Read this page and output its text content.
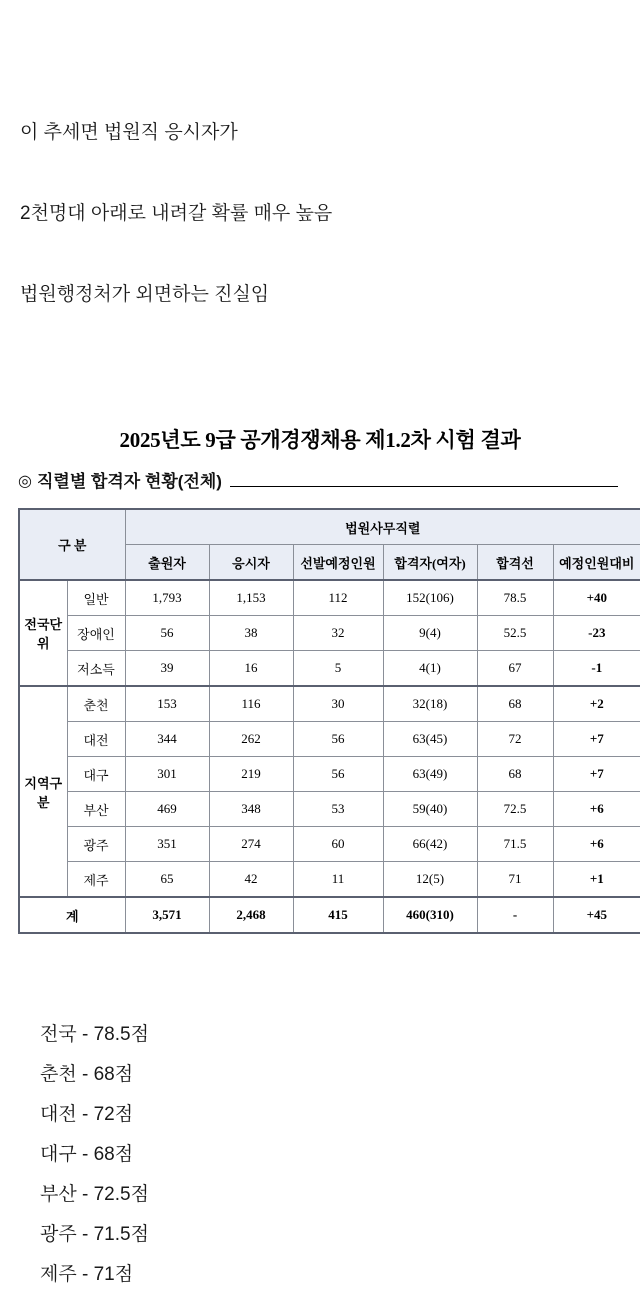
이 추세면 법원직 응시자가
2천명대 아래로 내려갈 확률 매우 높음
법원행정처가 외면하는 진실임
2025년도 9급 공개경쟁채용 제1.2차 시험 결과
◎ 직렬별 합격자 현황(전체)
구 분		법원사무직렬					
		출원자	응시자	선발예정인원	합격자(여자)	합격선	예정인원대비
전국단위	일반	1,793	1,153	112	152(106)	78.5	+40
	장애인	56	38	32	9(4)	52.5	-23
	저소득	39	16	5	4(1)	67	-1
지역구분	춘천	153	116	30	32(18)	68	+2
	대전	344	262	56	63(45)	72	+7
	대구	301	219	56	63(49)	68	+7
	부산	469	348	53	59(40)	72.5	+6
	광주	351	274	60	66(42)	71.5	+6
	제주	65	42	11	12(5)	71	+1
계		3,571	2,468	415	460(310)	-	+45
전국 - 78.5점
춘천 - 68점
대전 - 72점
대구 - 68점
부산 - 72.5점
광주 - 71.5점
제주 - 71점
